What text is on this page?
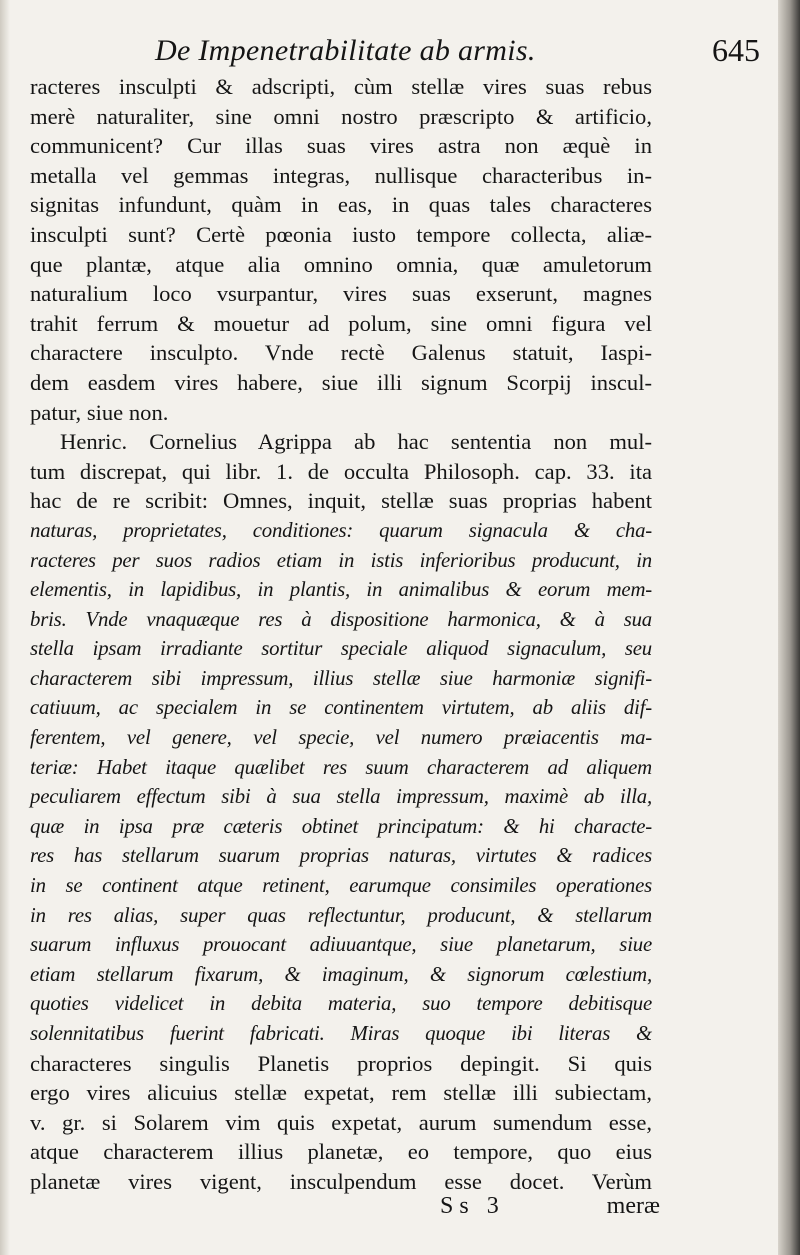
De Impenetrabilitate ab armis.	645
racteres insculpti & adscripti, cùm stellæ vires suas rebus
merè naturaliter, sine omni nostro præscripto & artificio,
communicent? Cur illas suas vires astra non æquè in
metalla vel gemmas integras, nullisque characteribus in-
signitas infundunt, quàm in eas, in quas tales characteres
insculpti sunt? Certè pœonia iusto tempore collecta, aliæ-
que plantæ, atque alia omnino omnia, quæ amuletorum
naturalium loco vsurpantur, vires suas exserunt, magnes
trahit ferrum & mouetur ad polum, sine omni figura vel
charactere insculpto. Vnde rectè Galenus statuit, Iaspi-
dem easdem vires habere, siue illi signum Scorpij inscul-
patur, siue non.
Henric. Cornelius Agrippa ab hac sententia non mul-
tum discrepat, qui libr. 1. de occulta Philosoph. cap. 33. ita
hac de re scribit: Omnes, inquit, stellæ suas proprias habent
naturas, proprietates, conditiones: quarum signacula & cha-
racteres per suos radios etiam in istis inferioribus producunt, in
elementis, in lapidibus, in plantis, in animalibus & eorum mem-
bris. Vnde vnaquæque res à dispositione harmonica, & à sua
stella ipsam irradiante sortitur speciale aliquod signaculum, seu
characterem sibi impressum, illius stellæ siue harmoniæ signifi-
catiuum, ac specialem in se continentem virtutem, ab aliis dif-
ferentem, vel genere, vel specie, vel numero præiacentis ma-
teriæ: Habet itaque quælibet res suum characterem ad aliquem
peculiarem effectum sibi à sua stella impressum, maximè ab illa,
quæ in ipsa præ cæteris obtinet principatum: & hi characte-
res has stellarum suarum proprias naturas, virtutes & radices
in se continent atque retinent, earumque consimiles operationes
in res alias, super quas reflectuntur, producunt, & stellarum
suarum influxus prouocant adiuuantque, siue planetarum, siue
etiam stellarum fixarum, & imaginum, & signorum cœlestium,
quoties videlicet in debita materia, suo tempore debitisque
solennitatibus fuerint fabricati. Miras quoque ibi literas &
characteres singulis Planetis proprios depingit. Si quis
ergo vires alicuius stellæ expetat, rem stellæ illi subiectam,
v. gr. si Solarem vim quis expetat, aurum sumendum esse,
atque characterem illius planetæ, eo tempore, quo eius
planetæ vires vigent, insculpendum esse docet. Verùm
Ss 3	meræ
